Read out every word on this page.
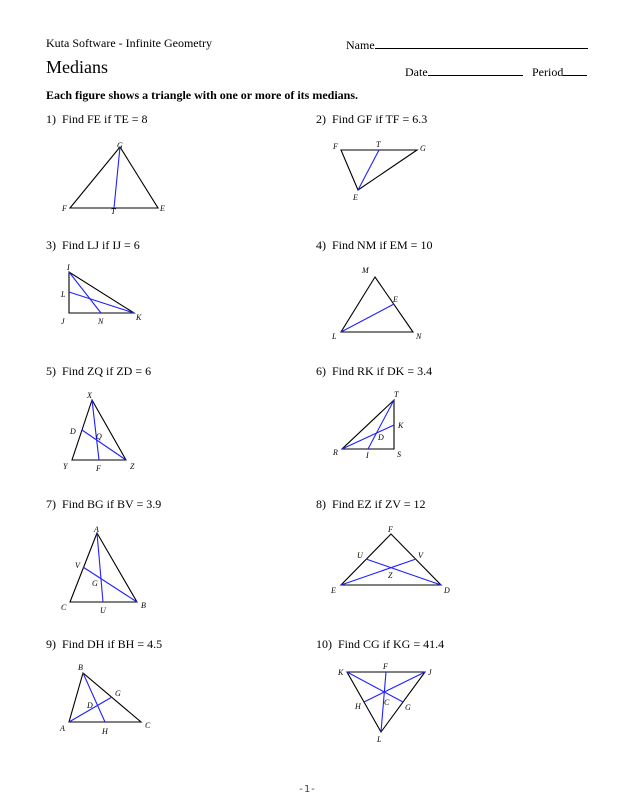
Kuta Software - Infinite Geometry	Name
Medians	Date	Period
Each figure shows a triangle with one or more of its medians.
1) Find FE if TE = 8
G
F	T	E
2) Find GF if TF = 6.3
F	T	G
E
3) Find LJ if IJ = 6
I
L
J	N	K
4) Find NM if EM = 10
M
E
L	N
5) Find ZQ if ZD = 6
X
D
Q
Y	F	Z
6) Find RK if DK = 3.4
T
K
D
R	I	S
7) Find BG if BV = 3.9
A
V
G
C	U
B
8) Find EZ if ZV = 12
F
U	V
Z
E	D
9) Find DH if BH = 4.5
B
G
D
A	H
C
10) Find CG if KG = 41.4
K
F
J
H	C
G
L
-1-
